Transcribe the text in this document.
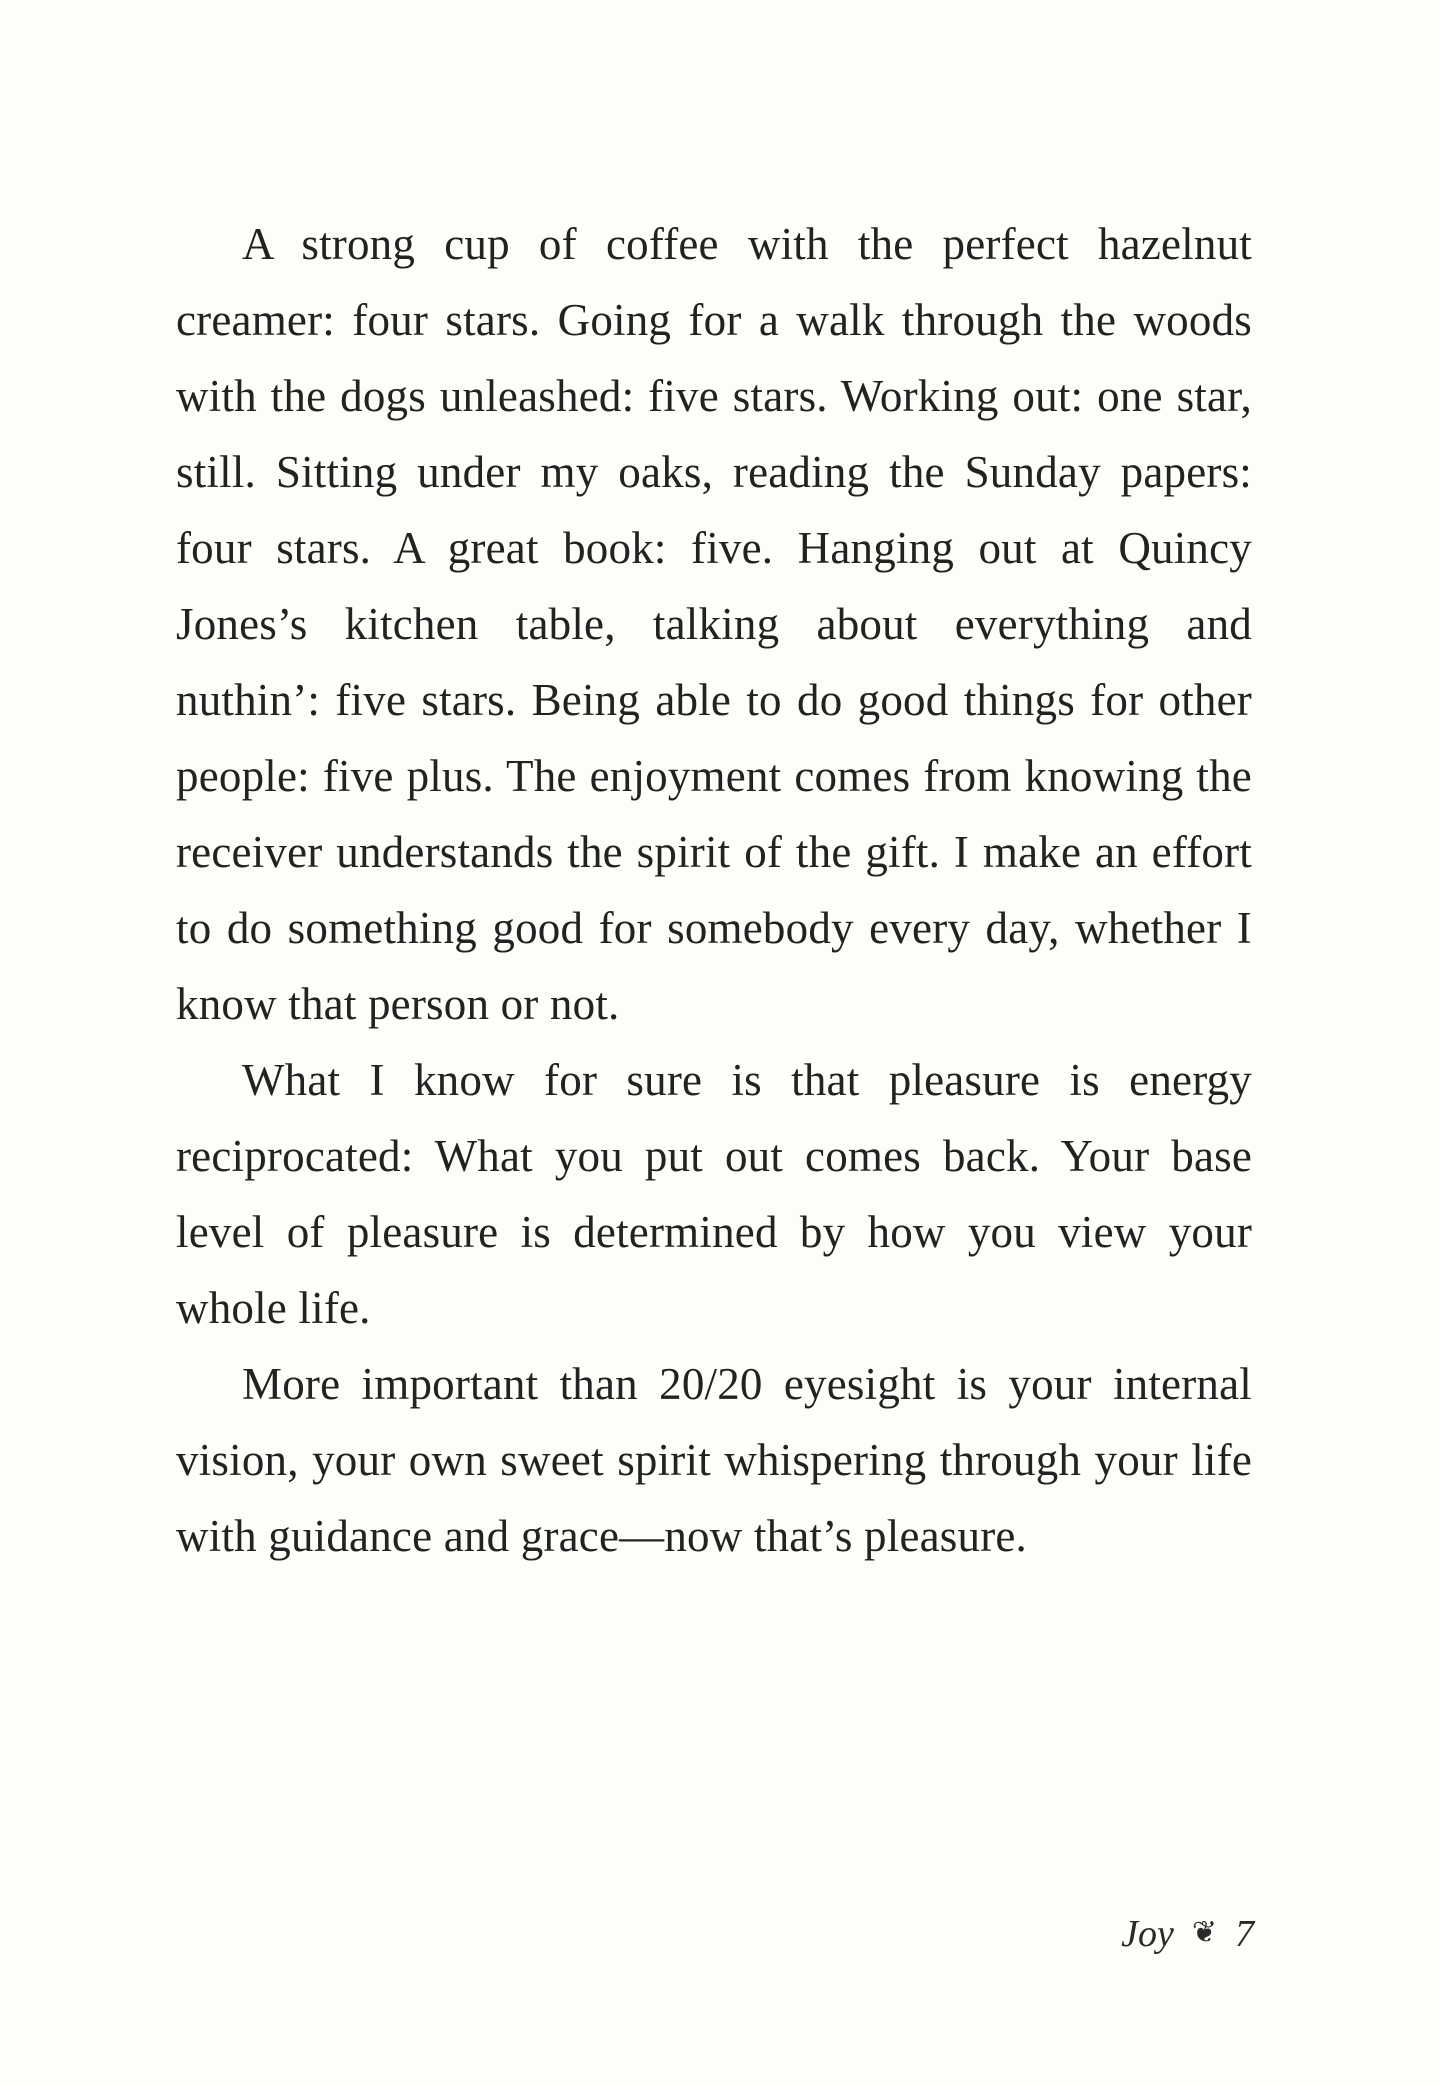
A strong cup of coffee with the perfect hazelnut creamer: four stars. Going for a walk through the woods with the dogs unleashed: five stars. Working out: one star, still. Sitting under my oaks, reading the Sunday papers: four stars. A great book: five. Hanging out at Quincy Jones’s kitchen table, talking about everything and nuthin’: five stars. Being able to do good things for other people: five plus. The enjoyment comes from knowing the receiver understands the spirit of the gift. I make an effort to do something good for somebody every day, whether I know that person or not.

What I know for sure is that pleasure is energy reciprocated: What you put out comes back. Your base level of pleasure is determined by how you view your whole life.

More important than 20/20 eyesight is your internal vision, your own sweet spirit whispering through your life with guidance and grace—now that’s pleasure.

Joy ❦ 7
